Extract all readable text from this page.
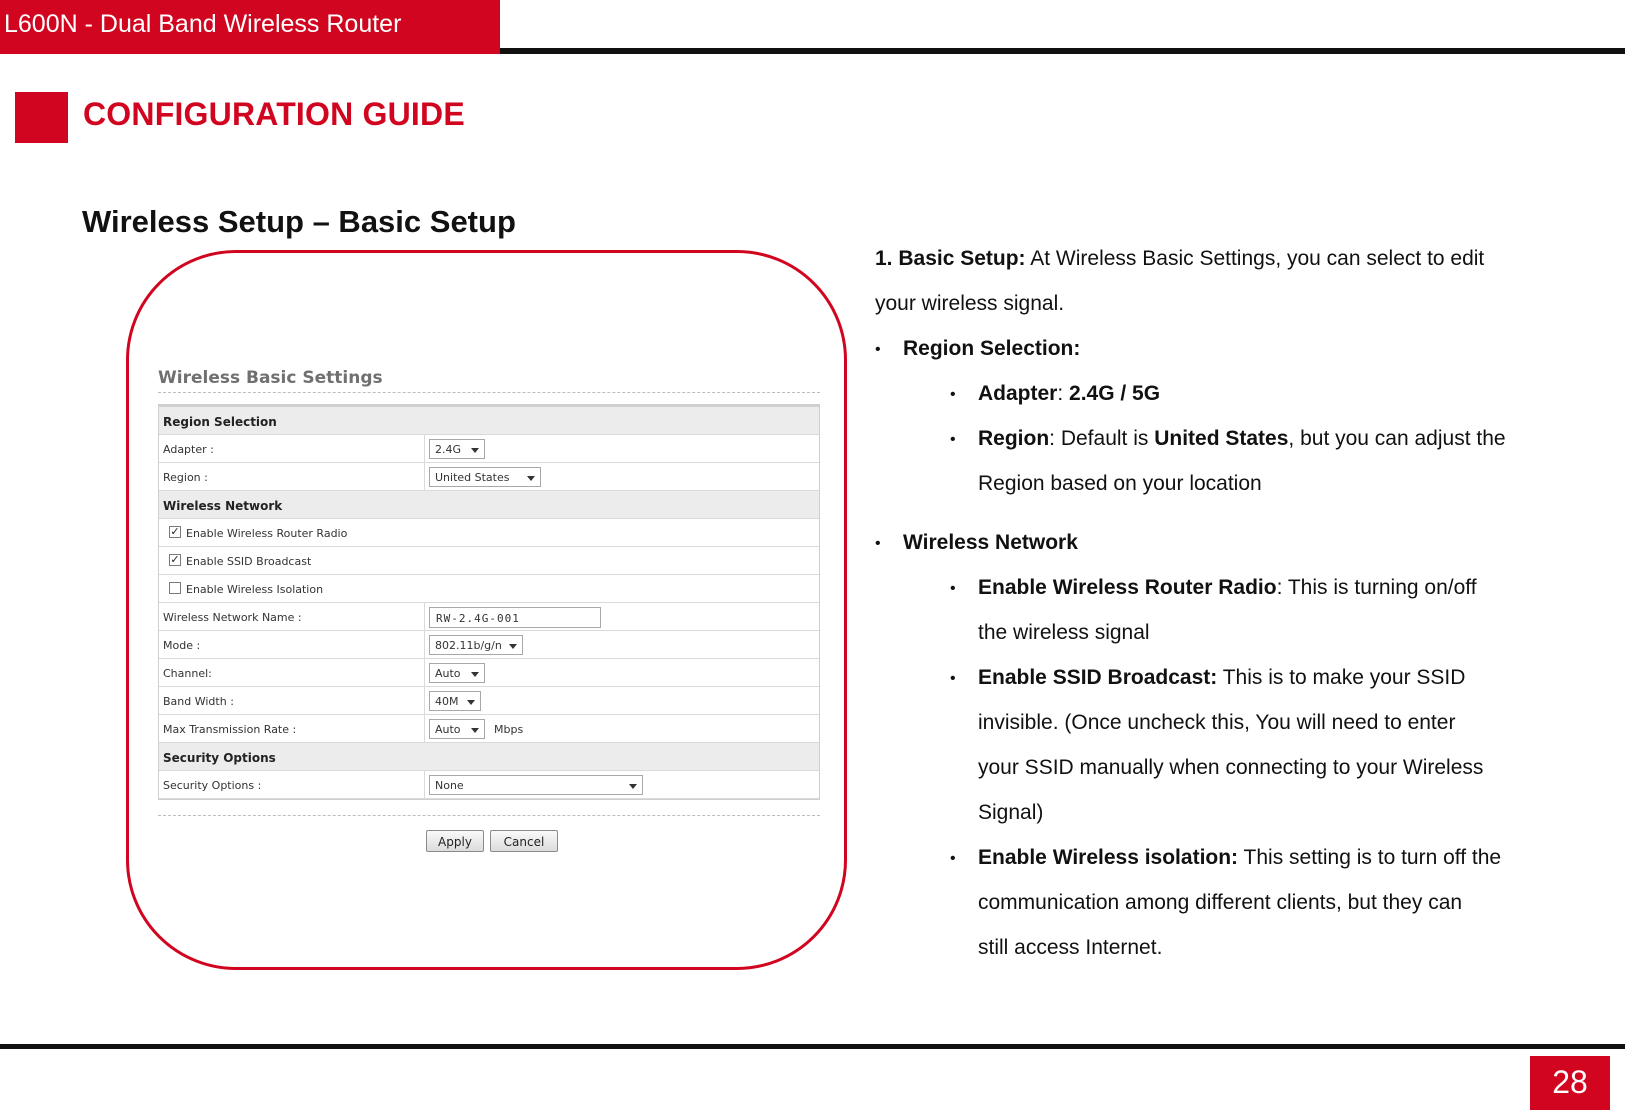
L600N - Dual Band Wireless Router
CONFIGURATION GUIDE
Wireless Setup – Basic Setup
Wireless Basic Settings
Region Selection
Adapter :	2.4G
Region :	United States
Wireless Network
✓ Enable Wireless Router Radio
✓ Enable SSID Broadcast
Enable Wireless Isolation
Wireless Network Name :	RW-2.4G-001
Mode :	802.11b/g/n
Channel:	Auto
Band Width :	40M
Max Transmission Rate :	Auto	Mbps
Security Options
Security Options :	None
Apply	Cancel
1. Basic Setup: At Wireless Basic Settings, you can select to edit
your wireless signal.
• Region Selection:
• Adapter: 2.4G / 5G
• Region: Default is United States, but you can adjust the
Region based on your location
• Wireless Network
• Enable Wireless Router Radio: This is turning on/off
the wireless signal
• Enable SSID Broadcast: This is to make your SSID
invisible. (Once uncheck this, You will need to enter
your SSID manually when connecting to your Wireless
Signal)
• Enable Wireless isolation: This setting is to turn off the
communication among different clients, but they can
still access Internet.
28
